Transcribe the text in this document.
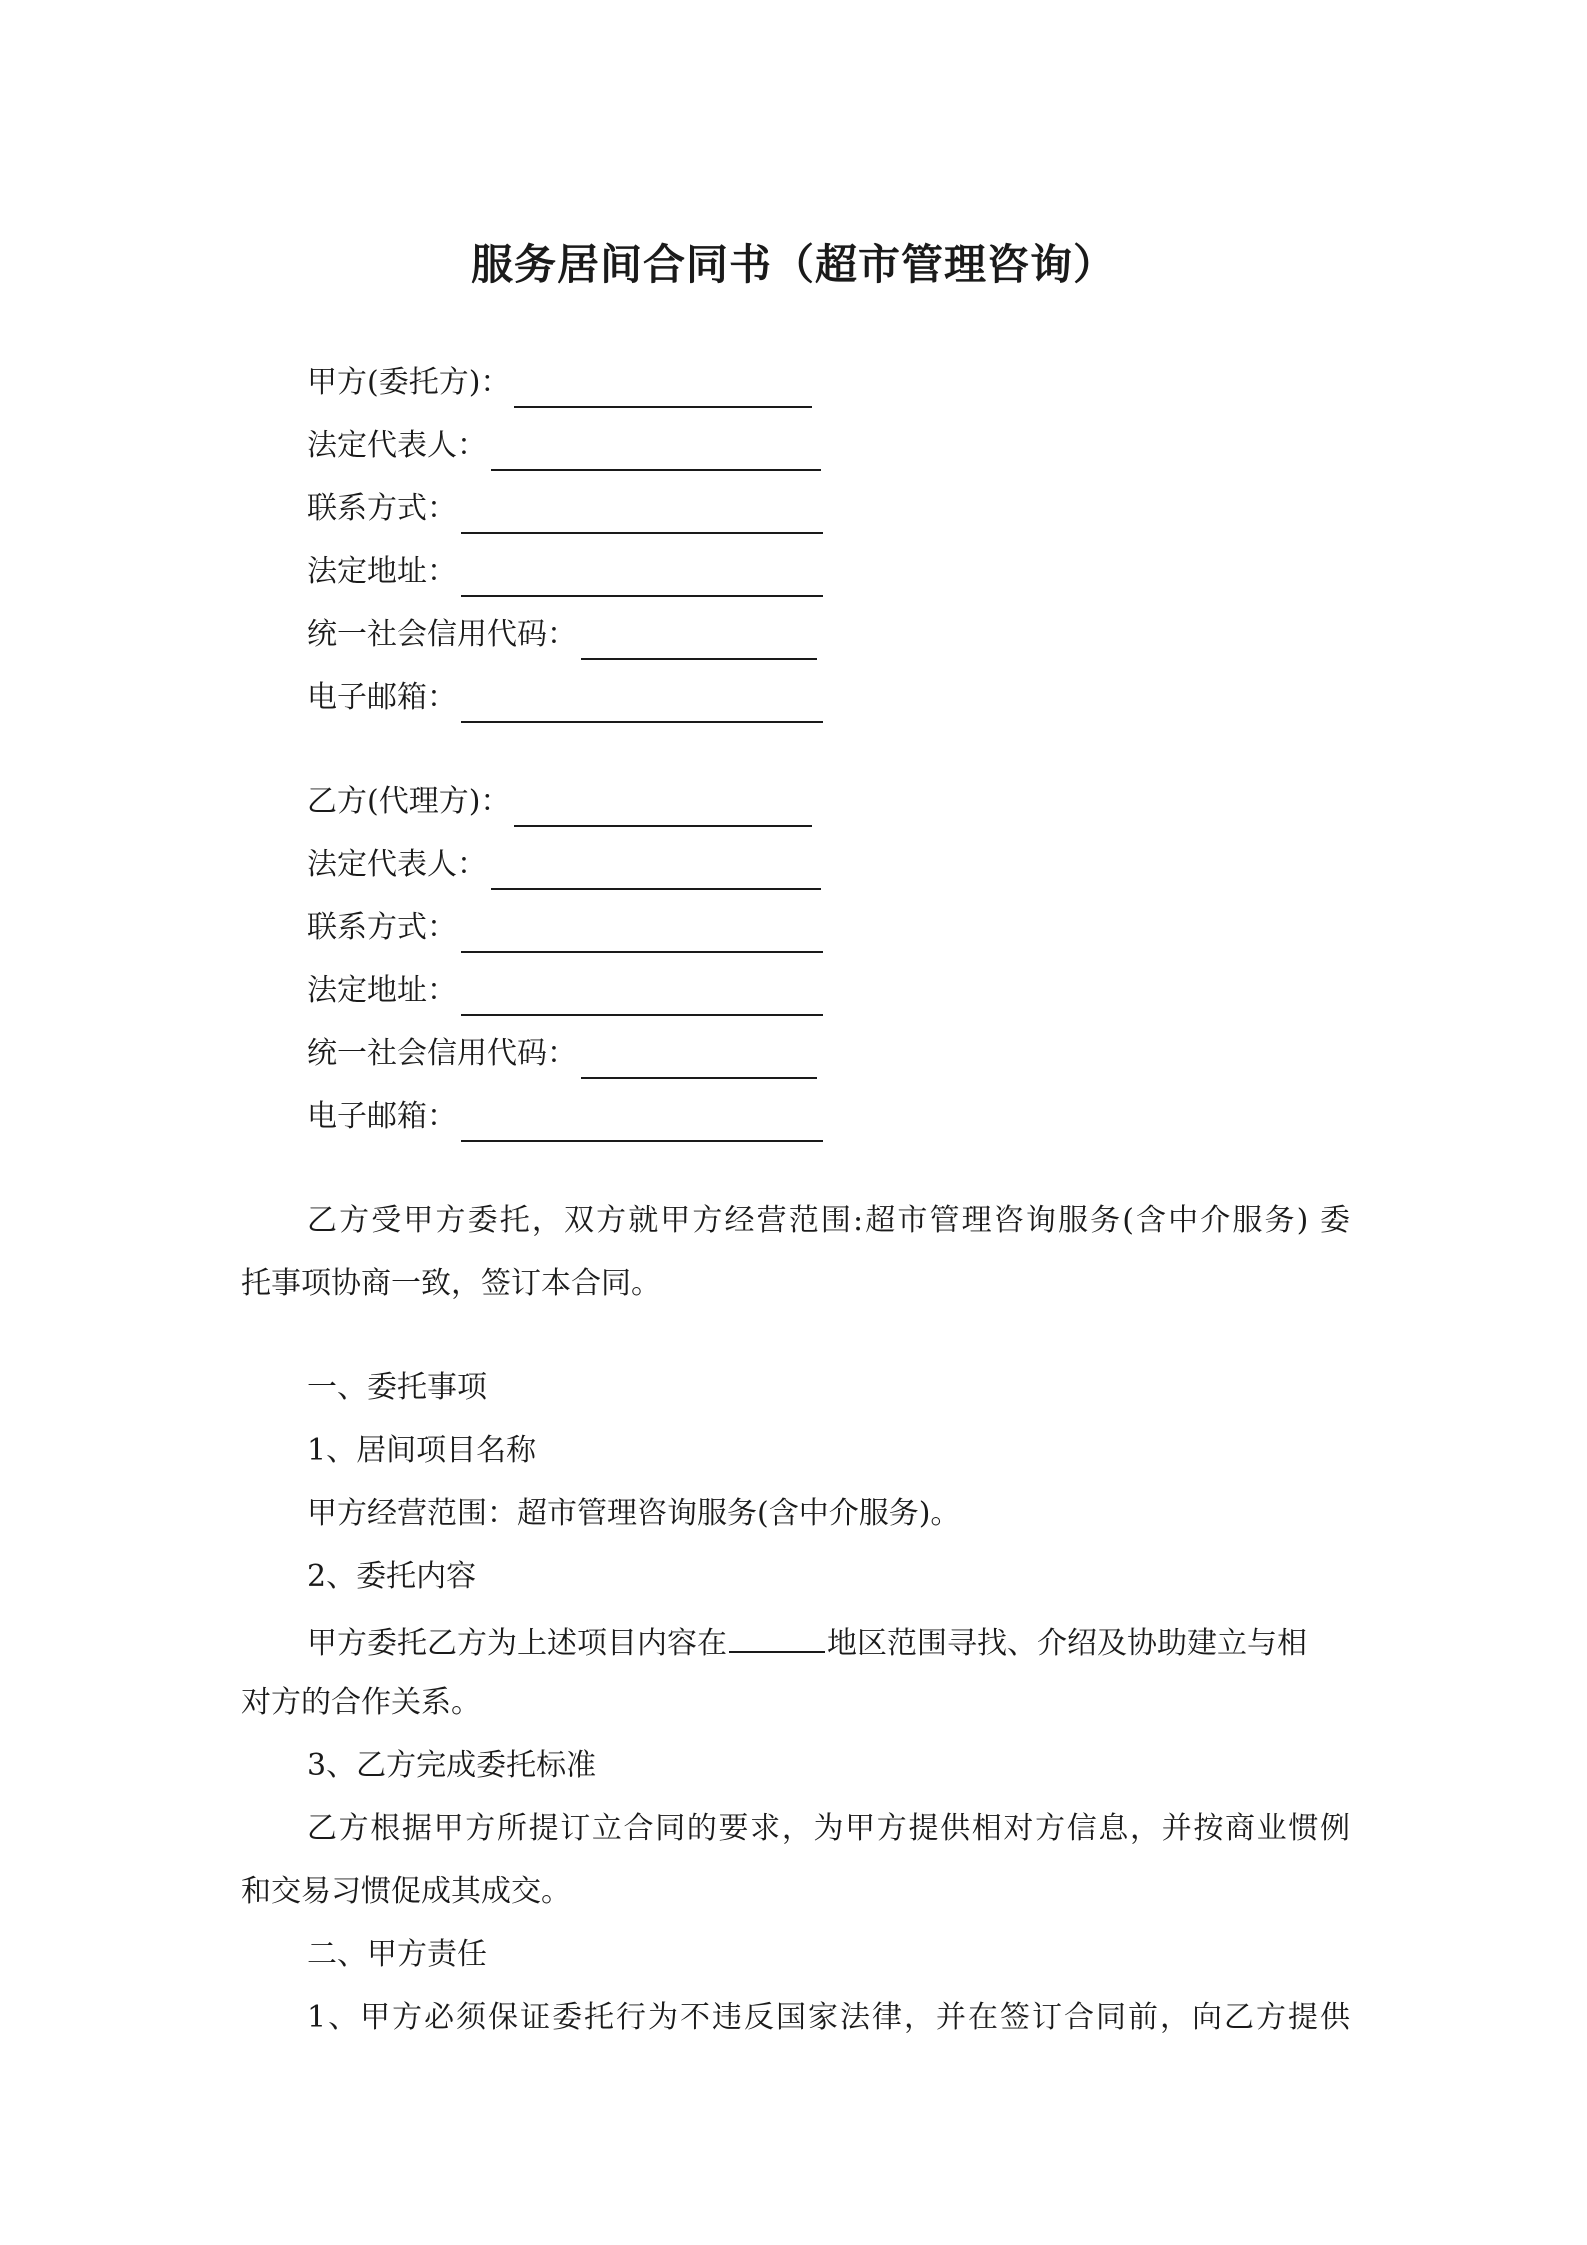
服务居间合同书（超市管理咨询）
甲方(委托方)：
法定代表人：
联系方式：
法定地址：
统一社会信用代码：
电子邮箱：
乙方(代理方)：
法定代表人：
联系方式：
法定地址：
统一社会信用代码：
电子邮箱：
乙方受甲方委托，双方就甲方经营范围:超市管理咨询服务(含中介服务) 委
托事项协商一致，签订本合同。
一、委托事项
1、居间项目名称
甲方经营范围：超市管理咨询服务(含中介服务)。
2、委托内容
甲方委托乙方为上述项目内容在	地区范围寻找、介绍及协助建立与相
对方的合作关系。
3、乙方完成委托标准
乙方根据甲方所提订立合同的要求，为甲方提供相对方信息，并按商业惯例
和交易习惯促成其成交。
二、甲方责任
1、甲方必须保证委托行为不违反国家法律，并在签订合同前，向乙方提供
